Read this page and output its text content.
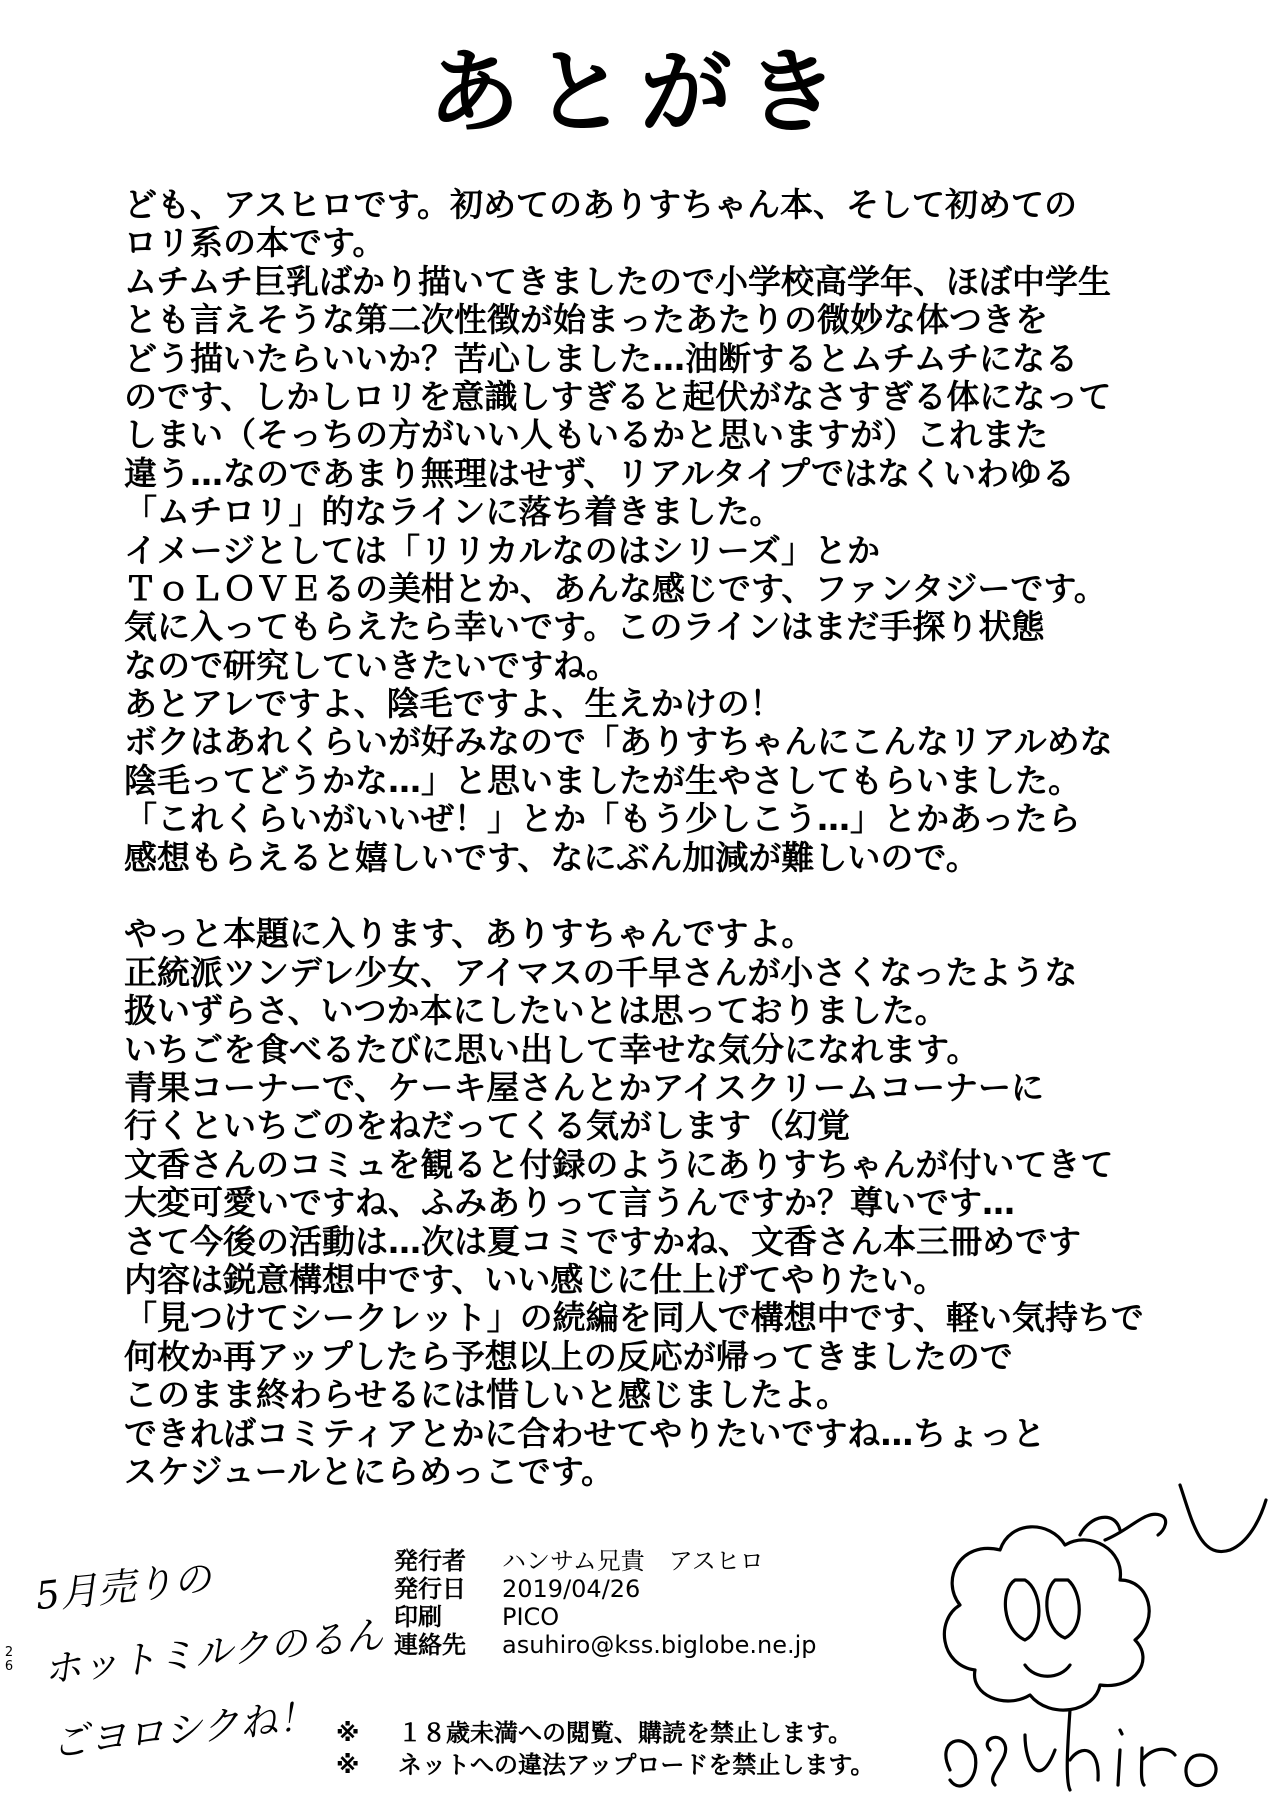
あとがき
ども、アスヒロです。初めてのありすちゃん本、そして初めての
ロリ系の本です。
ムチムチ巨乳ばかり描いてきましたので小学校高学年、ほぼ中学生
とも言えそうな第二次性徴が始まったあたりの微妙な体つきを
どう描いたらいいか？苦心しました…油断するとムチムチになる
のです、しかしロリを意識しすぎると起伏がなさすぎる体になって
しまい（そっちの方がいい人もいるかと思いますが）これまた
違う…なのであまり無理はせず、リアルタイプではなくいわゆる
「ムチロリ」的なラインに落ち着きました。
イメージとしては「リリカルなのはシリーズ」とか
ＴｏＬＯＶＥるの美柑とか、あんな感じです、ファンタジーです。
気に入ってもらえたら幸いです。このラインはまだ手探り状態
なので研究していきたいですね。
あとアレですよ、陰毛ですよ、生えかけの！
ボクはあれくらいが好みなので「ありすちゃんにこんなリアルめな
陰毛ってどうかな…」と思いましたが生やさしてもらいました。
「これくらいがいいぜ！」とか「もう少しこう…」とかあったら
感想もらえると嬉しいです、なにぶん加減が難しいので。
やっと本題に入ります、ありすちゃんですよ。
正統派ツンデレ少女、アイマスの千早さんが小さくなったような
扱いずらさ、いつか本にしたいとは思っておりました。
いちごを食べるたびに思い出して幸せな気分になれます。
青果コーナーで、ケーキ屋さんとかアイスクリームコーナーに
行くといちごのをねだってくる気がします（幻覚
文香さんのコミュを観ると付録のようにありすちゃんが付いてきて
大変可愛いですね、ふみありって言うんですか？尊いです…
さて今後の活動は…次は夏コミですかね、文香さん本三冊めです
内容は鋭意構想中です、いい感じに仕上げてやりたい。
「見つけてシークレット」の続編を同人で構想中です、軽い気持ちで
何枚か再アップしたら予想以上の反応が帰ってきましたので
このまま終わらせるには惜しいと感じましたよ。
できればコミティアとかに合わせてやりたいですね…ちょっと
スケジュールとにらめっこです。
発行者	ハンサム兄貴　アスヒロ
発行日	2019/04/26
印刷	PICO
連絡先	asuhiro@kss.biglobe.ne.jp
※	１８歳未満への閲覧、購読を禁止します。
※	ネットへの違法アップロードを禁止します。
2
6
5月売りの
ホットミルクのるん
ごヨロシクね！
